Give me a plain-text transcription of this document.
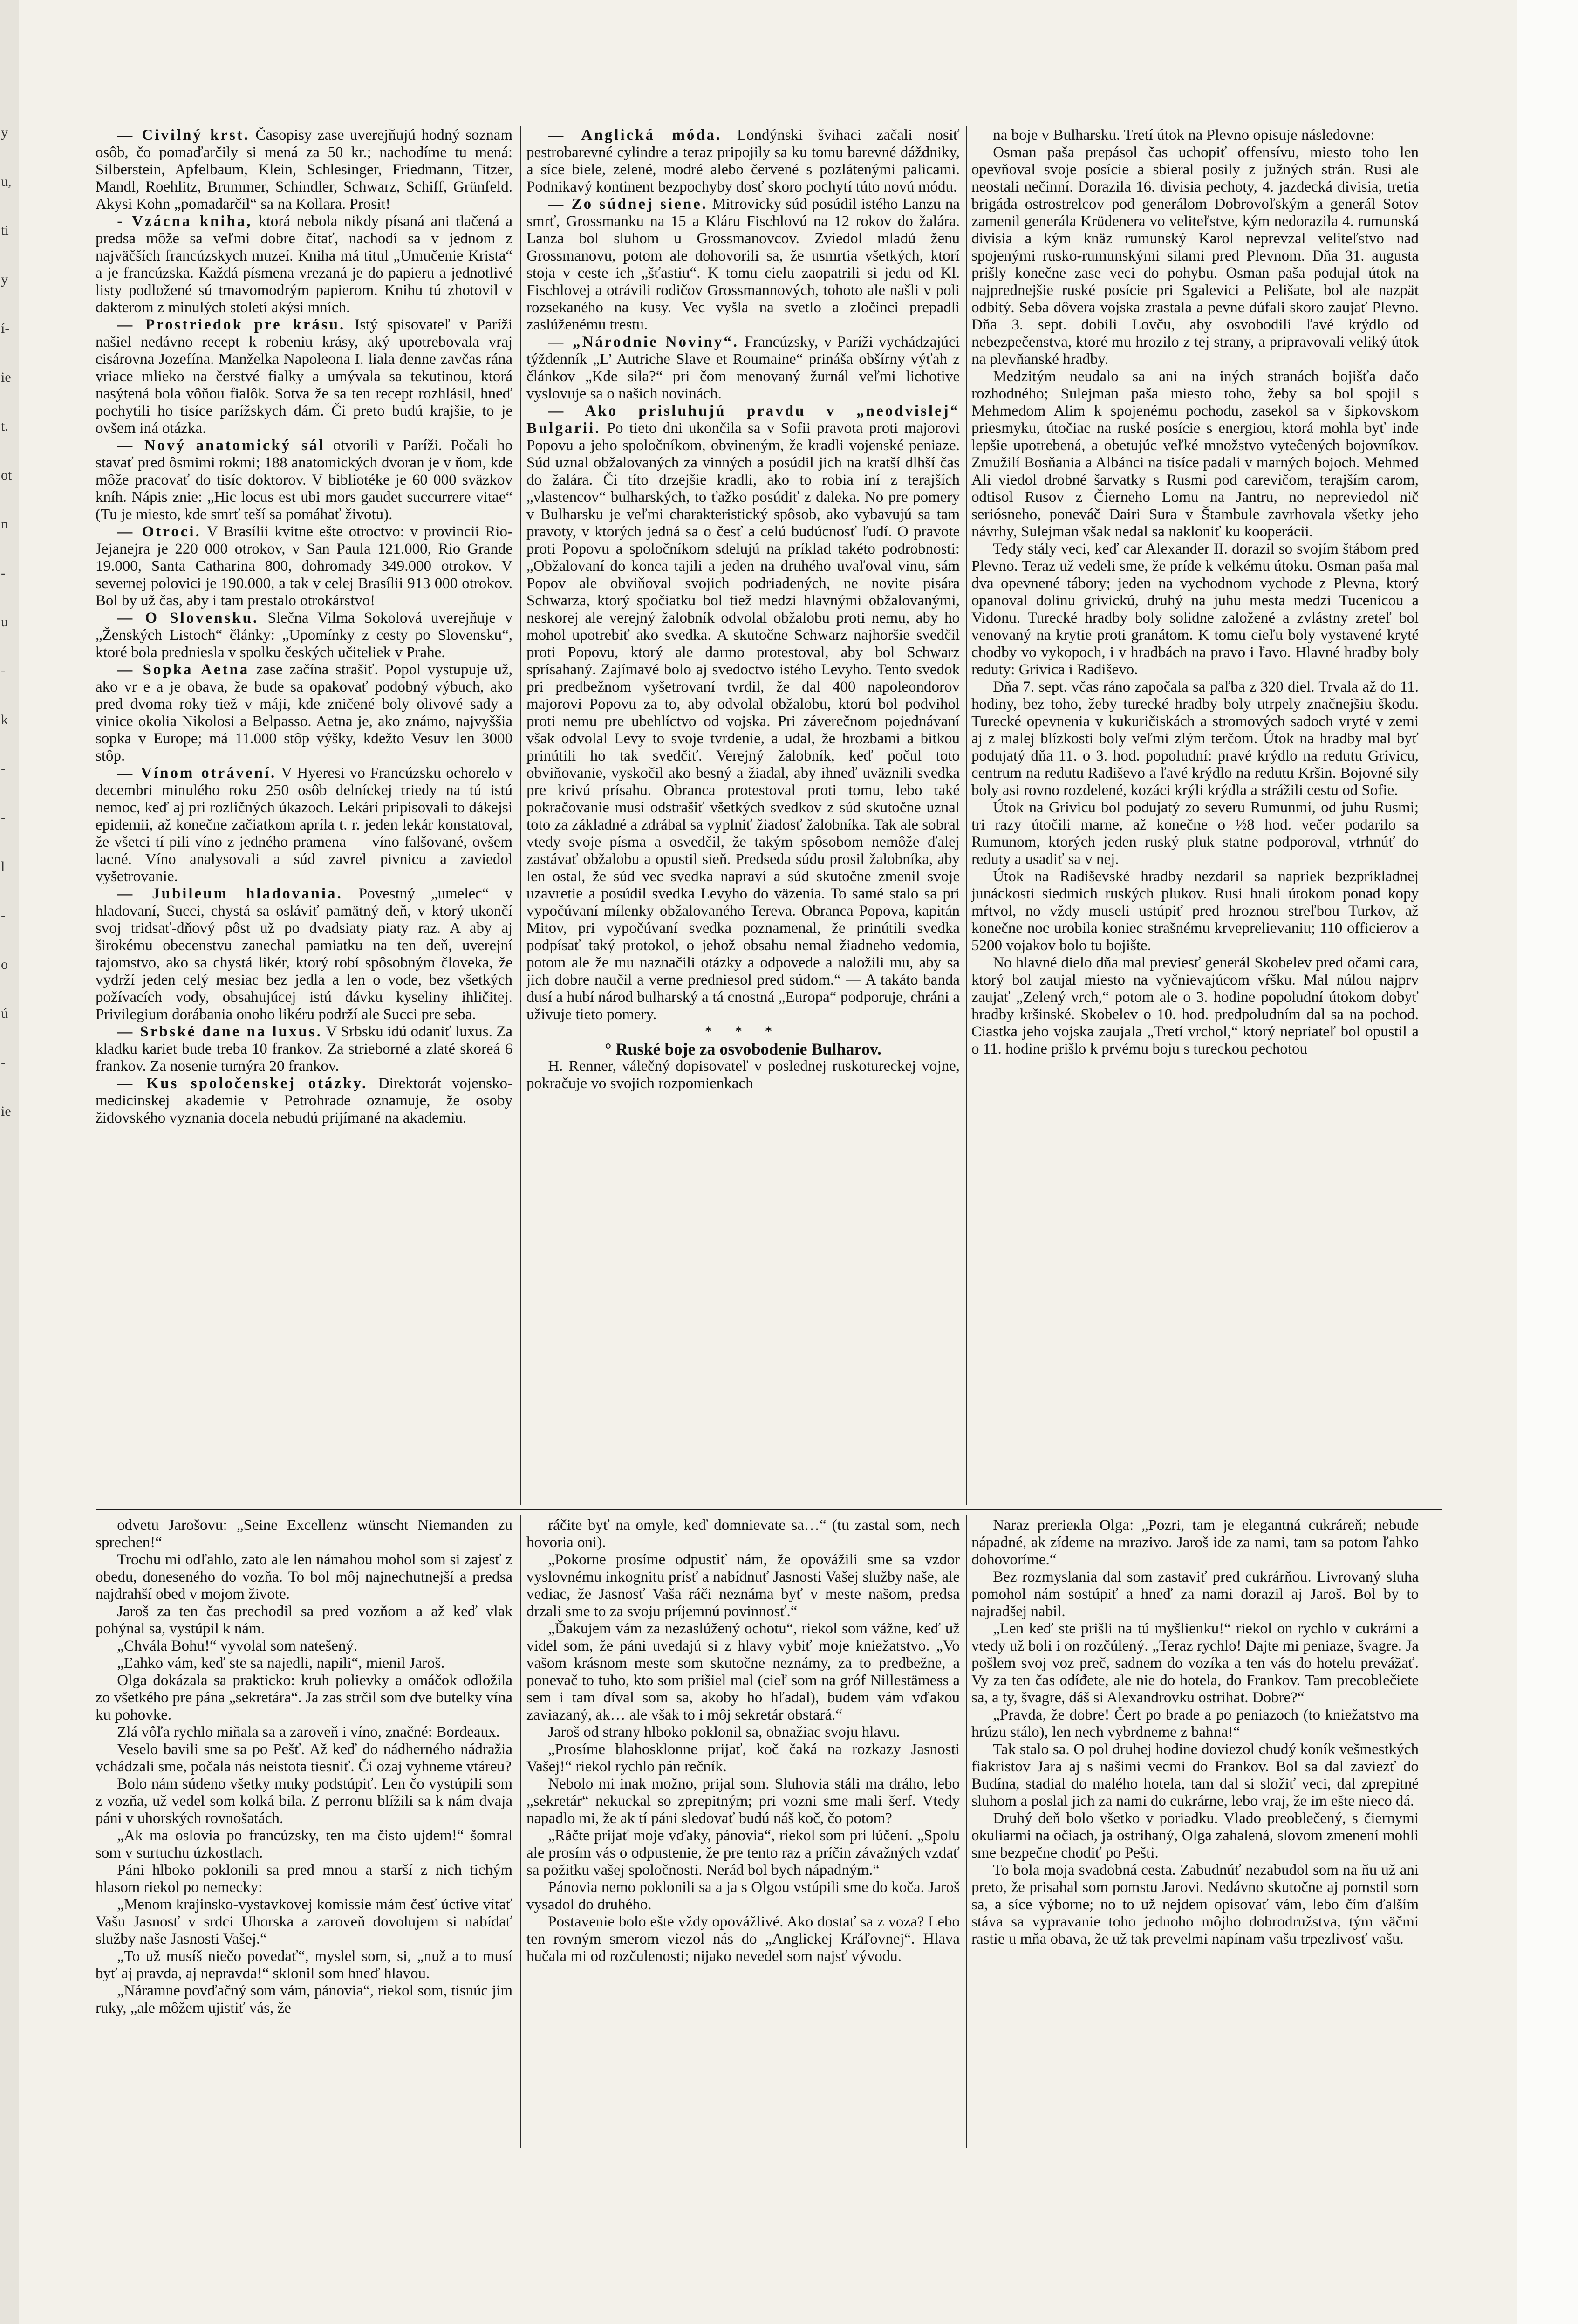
y
u,
ti
y
í-
ie
t.
ot
n
-
u
-
k
-
-
l
-
o
ú
-
ie

— Civilný krst. Časopisy zase uverejňujú hodný soznam osôb, čo pomaďarčily si mená za 50 kr.; nachodíme tu mená: Silberstein, Apfelbaum, Klein, Schlesinger, Friedmann, Titzer, Mandl, Roehlitz, Brummer, Schindler, Schwarz, Schiff, Grünfeld. Akysi Kohn „pomadarčil“ sa na Kollara. Prosit!

- Vzácna kniha, ktorá nebola nikdy písaná ani tlačená a predsa môže sa veľmi dobre čítať, nachodí sa v jednom z najväčších francúzskych muzeí. Kniha má titul „Umučenie Krista“ a je francúzska. Každá písmena vrezaná je do papieru a jednotlivé listy podložené sú tmavomodrým papierom. Knihu tú zhotovil v dakterom z minulých století akýsi mních.

— Prostriedok pre krásu. Istý spisovateľ v Paríži našiel nedávno recept k robeniu krásy, aký upotrebovala vraj cisárovna Jozefína. Manželka Napoleona I. lialа denne zavčas rána vriace mlieko na čerstvé fialky a umývala sa tekutinou, ktorá nasýtená bola vôňou fialôk. Sotva že sa ten recept rozhlásil, hneď pochytili ho tisíce parížskych dám. Či preto budú krajšie, to je ovšem iná otázka.

— Nový anatomický sál otvorili v Paríži. Počali ho stavať pred ôsmimi rokmi; 188 anatomických dvoran je v ňom, kde môže pracovať do tisíc doktorov. V bibliotéke je 60 000 sväzkov kníh. Nápis znie: „Hic locus est ubi mors gaudet succurrere vitae“ (Tu je miesto, kde smrť teší sa pomáhať životu).

— Otroci. V Brasílii kvitne ešte otroctvo: v provincii Rio-Jejanejra je 220 000 otrokov, v San Paula 121.000, Rio Grande 19.000, Santa Catharina 800, dohromady 349.000 otrokov. V severnej polovici je 190.000, a tak v celej Brasílii 913 000 otrokov. Bol by už čas, aby i tam prestalo otrokárstvo!

— O Slovensku. Slečna Vilma Sokolová uverejňuje v „Ženských Listoch“ články: „Upomínky z cesty po Slovensku“, ktoré bola prednieslа v spolku českých učiteliek v Prahe.

— Sopka Aetna zase začína strašiť. Popol vystupuje už, ako vr e a je obava, že bude sa opakovať podobný výbuch, ako pred dvoma roky tiež v máji, kde zničené boly olivové sady a vinice okolia Nikolosi a Belpasso. Aetna je, ako známo, najvyššia sopka v Europe; má 11.000 stôp výšky, kdežto Vesuv len 3000 stôp.

— Vínom otrávení. V Hyeresi vo Francúzsku ochorelo v decembri minulého roku 250 osôb delníckej triedy na tú istú nemoc, keď aj pri rozličných úkazoch. Lekári pripisovali to dákejsi epidemii, až konečne začiatkom apríla t. r. jeden lekár konstatoval, že všetci tí pili víno z jedného pramena — víno falšované, ovšem lacné. Víno analysovali a súd zavrel pivnicu a zaviedol vyšetrovanie.

— Jubileum hladovania. Povestný „umelec“ v hladovaní, Succi, chystá sa osláviť pamätný deň, v ktorý ukončí svoj tridsať-dňový pôst už po dvadsiaty piaty raz. A aby aj širokému obecenstvu zanechal pamiatku na ten deň, uverejní tajomstvo, ako sa chystá likér, ktorý robí spôsobným človeka, že vydrží jeden celý mesiac bez jedla a len o vode, bez všetkých požívacích vody, obsahujúcej istú dávku kyseliny ihličitej. Privilegium dorábania onoho likéru podrží ale Succi pre seba.

— Srbské dane na luxus. V Srbsku idú odaniť luxus. Za kladku kariet bude treba 10 frankov. Za strieborné a zlaté skoreá 6 frankov. Za nosenie turnýra 20 frankov.

— Kus spoločenskej otázky. Direktorát vojensko-medicinskej akademie v Petrohrade oznamuje, že osoby židovského vyznania docela nebudú prijímané na akademiu.

— Anglická móda. Londýnski švihaci začali nosiť pestrobarevné cylindre a teraz pripojily sa ku tomu barevné dáždniky, a síce biele, zelené, modré alebo červené s pozlátenými palicami. Podnikavý kontinent bezpochyby dosť skoro pochytí túto novú módu.

— Zo súdnej siene. Mitrovicky súd posúdil istého Lanzu na smrť, Grossmanku na 15 a Kláru Fischlovú na 12 rokov do žalára. Lanza bol sluhom u Grossmanovcov. Zvíedol mladú ženu Grossmanovu, potom ale dohovorili sa, že usmrtia všetkých, ktorí stoja v ceste ich „šťastiu“. K tomu cielu zaopatrili si jedu od Kl. Fischlovej a otrávili rodičov Grossmannových, tohoto ale našli v poli rozsekaného na kusy. Vec vyšla na svetlo a zločinci prepadli zaslúženému trestu.

— „Národnie Noviny“. Francúzsky, v Paríži vychádzajúci týždenník „L’ Autriche Slave et Roumaine“ prináša obšírny výťah z článkov „Kde sila?“ pri čom menovaný žurnál veľmi lichotive vyslovuje sa o našich novinách.

— Ako prisluhujú pravdu v „neodvislej“ Bulgarii. Po tieto dni ukončila sa v Sofii pravota proti majorovi Popovu a jeho spoločníkom, obvineným, že kradli vojenské peniaze. Súd uznal obžalovaných za vinných a posúdil jich na kratší dlhší čas do žalára. Či títo drzejšie kradli, ako to robia iní z terajších „vlastencov“ bulharských, to ťažko posúdiť z daleka. No pre pomery v Bulharsku je veľmi charakteristický spôsob, ako vybavujú sa tam pravoty, v ktorých jedná sa o česť a celú budúcnosť ľudí. O pravote proti Popovu a spoločníkom sdelujú na príklad takéto podrobnosti: „Obžalovaní do konca tajili a jeden na druhého uvaľoval vinu, sám Popov ale obviňoval svojich podriadených, ne novite pisára Schwarza, ktorý spočiatku bol tiež medzi hlavnými obžalovanými, neskorej ale verejný žalobník odvolal obžalobu proti nemu, aby ho mohol upotrebiť ako svedka. A skutočne Schwarz najhoršie svedčil proti Popovu, ktorý ale darmo protestoval, aby bol Schwarz sprísahaný. Zajímavé bolo aj svedoctvo istého Levyho. Tento svedok pri predbežnom vyšetrovaní tvrdil, že dal 400 napoleondorov majorovi Popovu za to, aby odvolal obžalobu, ktorú bol podvihol proti nemu pre ubehlíctvo od vojska. Pri záverečnom pojednávaní však odvolal Levy to svoje tvrdenie, a udal, že hrozbami a bitkou prinútili ho tak svedčiť. Verejný žalobník, keď počul toto obviňovanie, vyskočil ako besný a žiadal, aby ihneď uväznili svedka pre krivú prísahu. Obranca protestoval proti tomu, lebo také pokračovanie musí odstrašiť všetkých svedkov z súd skutočne uznal toto za základné a zdrábal sa vyplniť žiadosť žalobníka. Tak ale sobral vtedy svoje písma a osvedčil, že takým spôsobom nemôže ďalej zastávať obžalobu a opustil sieň. Predseda súdu prosil žalobníka, aby len ostal, že súd vec svedka napraví a súd skutočne zmenil svoje uzavretie a posúdil svedka Levyho do väzenia. To samé stalo sa pri vypočúvaní mílenky obžalovaného Tereva. Obranca Popova, kapitán Mitov, pri vypočúvaní svedka poznamenal, že prinútili svedka podpísať taký protokol, o jehož obsahu nemal žiadneho vedomia, potom ale že mu naznačili otázky a odpovede a naložili mu, aby sa jich dobre naučil a verne predniesol pred súdom.“ — A takáto banda dusí a hubí národ bulharský a tá cnostná „Europa“ podporuje, chráni a uživuje tieto pomery.

* * *

° Ruské boje za osvobodenie Bulharov.

H. Renner, válečný dopisovateľ v poslednej ruskotureckej vojne, pokračuje vo svojich rozpomienkach

na boje v Bulharsku. Tretí útok na Plevno opisuje následovne:

Osman paša prepásol čas uchopiť offensívu, miesto toho len opevňoval svoje posície a sbieral posily z južných strán. Rusi ale neostali nečinní. Dorazila 16. divisia pechoty, 4. jazdecká divisia, tretia brigáda ostrostrelcov pod generálom Dobrovoľským a generál Sotov zamenil generála Krüdenera vo veliteľstve, kým nedorazila 4. rumunská divisia a kým knäz rumunský Karol neprevzal veliteľstvo nad spojenými rusko-rumunskými silami pred Plevnom. Dňa 31. augusta prišly konečne zase veci do pohybu. Osman paša podujal útok na najprednejšie ruské posície pri Sgalevici a Pelišate, bol ale nazpät odbitý. Seba dôvera vojska zrastala a pevne dúfali skoro zaujať Plevno. Dňa 3. sept. dobili Lovču, aby osvobodili ľavé krýdlo od nebezpečenstva, ktoré mu hrozilo z tej strany, a pripravovali veliký útok na plevňanské hradby.

Medzitým neudalo sa ani na iných stranách bojišťa dačo rozhodného; Sulejman paša miesto toho, žeby sa bol spojil s Mehmedom Alim k spojenému pochodu, zasekol sa v šipkovskom priesmyku, útočiac na ruské posície s energiou, ktorá mohla byť inde lepšie upotrebená, a obetujúc veľké množstvo vyteĉených bojovníkov. Zmužilí Bosňania a Albánci na tisíce padali v marných bojoch. Mehmed Ali viedol drobné šarvatky s Rusmi pod carevičom, terajším carom, odtisol Rusov z Čierneho Lomu na Jantru, no nepreviedol nič seriósneho, poneváč Dairi Sura v Štambule zavrhovala všetky jeho návrhy, Sulejman však nedal sa nakloniť ku kooperácii.

Tedy stály veci, keď car Alexander II. dorazil so svojím štábom pred Plevno. Teraz už vedeli sme, že príde k velkému útoku. Osman paša mal dva opevnené tábory; jeden na vychodnom vychode z Plevna, ktorý opanoval dolinu grivickú, druhý na juhu mesta medzi Tucenicou a Vidonu. Turecké hradby boly solidne založené a zvlástny zreteľ bol venovaný na krytie proti granátom. K tomu cieľu boly vystavené kryté chodby vo vykopoch, i v hradbách na pravo i ľavo. Hlavné hradby boly reduty: Grivica i Radiševo.

Dňa 7. sept. včas ráno započala sa paľba z 320 diel. Trvala až do 11. hodiny, bez toho, žeby turecké hradby boly utrpely značnejšiu škodu. Turecké opevnenia v kukuričiskách a stromových sadoch vryté v zemi aj z malej blízkosti boly veľmi zlým terčom. Útok na hradby mal byť podujatý dňa 11. o 3. hod. popoludní: pravé krýdlo na redutu Grivicu, centrum na redutu Radiševo a ľavé krýdlo na redutu Kršin. Bojovné sily boly asi rovno rozdelené, kozáci krýli krýdla a strážili cestu od Sofie.

Útok na Grivicu bol podujatý zo severu Rumunmi, od juhu Rusmi; tri razy útočili marne, až konečne o ½8 hod. večer podarilo sa Rumunom, ktorých jeden ruský pluk statne podporoval, vtrhnúť do reduty a usadiť sa v nej.

Útok na Radiševské hradby nezdaril sa napriek bezpríkladnej junáckosti siedmich ruských plukov. Rusi hnali útokom ponad kopy mŕtvol, no vždy museli ustúpiť pred hroznou streľbou Turkov, až konečne noc urobila koniec strašnému krveprelievaniu; 110 officierov a 5200 vojakov bolo tu bojište.

No hlavné dielo dňa mal previesť generál Skobelev pred očami cara, ktorý bol zaujal miesto na vyčnievajúcom vŕšku. Mal núlou najprv zaujať „Zelený vrch,“ potom ale o 3. hodine popoludní útokom dobyť hradby kršinské. Skobelev o 10. hod. predpoludním dal sa na pochod. Ciastka jeho vojska zaujala „Tretí vrchol,“ ktorý nepriateľ bol opustil a o 11. hodine prišlo k prvému boju s tureckou pechotou

odvetu Jarošovu: „Seine Excellenz wünscht Niemanden zu sprechen!“

Trochu mi odľahlo, zato ale len námahou mohol som si zajesť z obedu, doneseného do vozňa. To bol môj najnechutnejší a predsa najdrahší obed v mojom živote.

Jaroš za ten čas prechodil sa pred vozňom a až keď vlak pohýnal sa, vystúpil k nám.

„Chvála Bohu!“ vyvolal som natešený.

„Ľahko vám, keď ste sa najedli, napili“, mienil Jaroš.

Olga dokázala sa prakticko: kruh polievky a omáčok odložila zo všetkého pre pána „sekretára“. Ja zas strčil som dve butelky vína ku pohovke.

Zlá vôľa rychlo miňala sa a zaroveň i víno, značné: Bordeaux.

Veselo bavili sme sa po Pešť. Až keď do nádherného nádražia vchádzali sme, počala nás neistota tiesniť. Či ozaj vyhneme vtáreu?

Bolo nám súdeno všetky muky podstúpiť. Len čo vystúpili som z vozňa, už vedel som kolká bila. Z perronu blížili sa k nám dvaja páni v uhorských rovnošatách.

„Ak ma oslovia po francúzsky, ten ma čisto ujdem!“ šomral som v surtuchu úzkostlach.

Páni hlboko poklonili sa pred mnou a starší z nich tichým hlasom riekol po nemecky:

„Menom krajinsko-vystavkovej komissie mám česť úctive vítať Vašu Jasnosť v srdci Uhorska a zaroveň dovolujem si nabídať služby naše Jasnosti Vašej.“

„To už musíš niečo povedať“, myslel som, si, „nuž a to musí byť aj pravda, aj nepravda!“ sklonil som hneď hlavou.

„Náramne povďačný som vám, pánovia“, riekol som, tisnúc jim ruky, „ale môžem ujistiť vás, že

ráčite byť na omyle, keď domnievate sa…“ (tu zastal som, nech hovoria oni).

„Pokorne prosíme odpustiť nám, že opovážili sme sa vzdor vyslovnému inkognitu prísť a nabídnuť Jasnosti Vašej služby naše, ale vediac, že Jasnosť Vaša ráči neznáma byť v meste našom, predsa drzali sme to za svoju príjemnú povinnosť.“

„Ďakujem vám za nezaslúžený ochotu“, riekol som vážne, keď už videl som, že páni uvedajú si z hlavy vybiť moje kniežatstvo. „Vo vašom krásnom meste som skutočne neznámy, za to predbežne, a ponevač to tuho, kto som prišiel mal (cieľ som na gróf Nillestämess a sem i tam díval som sa, akoby ho hľadal), budem vám vďakou zaviazaný, ak… ale však to i môj sekretár obstará.“

Jaroš od strany hlboko poklonil sa, obnažiac svoju hlavu.

„Prosíme blahosklonne prijať, koč čaká na rozkazy Jasnosti Vašej!“ riekol rychlo pán rečník.

Nebolo mi inak možno, prijal som. Sluhovia stáli ma dráho, lebo „sekretár“ nekuckal so zprepitným; pri vozni sme mali šerf. Vtedy napadlo mi, že ak tí páni sledovať budú náš koč, čo potom?

„Ráčte prijať moje vďaky, pánovia“, riekol som pri lúčení. „Spolu ale prosím vás o odpustenie, že pre tento raz a príčin závažných vzdať sa požitku vašej spoločnosti. Nerád bol bych nápadným.“

Pánovia nemo poklonili sa a ja s Olgou vstúpili sme do koča. Jaroš vysadol do druhého.

Postavenie bolo ešte vždy opovážlivé. Ako dostať sa z voza? Lebo ten rovným smerom viezol nás do „Anglickej Kráľovnej“. Hlava hučala mi od rozčulenosti; nijako nevedel som najsť vývodu.

Naraz prerieкla Olga: „Pozri, tam je elegantná cukráreň; nebude nápadné, ak zídeme na mrazivo. Jaroš ide za nami, tam sa potom ľahko dohovoríme.“

Bez rozmyslania dal som zastaviť pred cukrárňou. Livrovaný sluha pomohol nám sostúpiť a hneď za nami dorazil aj Jaroš. Bol by to najradšej nabil.

„Len keď ste prišli na tú myšlienku!“ riekol on rychlo v cukrárni a vtedy už boli i on rozčúlený. „Teraz rychlo! Dajte mi peniaze, švagre. Ja pošlem svoj voz preč, sadnem do vozíka a ten vás do hotelu prevážať. Vy za ten čas odíđete, ale nie do hotela, do Frankov. Tam precoblečiete sa, a ty, švagre, dáš si Alexandrovku ostrihat. Dobre?“

„Pravda, že dobre! Čert po brade a po peniazoch (to kniežatstvo ma hrúzu stálo), len nech vybrdneme z bahna!“

Tak stalo sa. O pol druhej hodine doviezol chudý koník vešmestkých fiakristov Jara aj s našimi vecmi do Frankov. Bol sa dal zaviezť do Budína, stadial do malého hotela, tam dal si složiť veci, dal zprepitné sluhom a poslal jich za nami do cukrárne, lebo vraj, že im ešte nieco dá.

Druhý deň bolo všetko v poriadku. Vlado preoblečený, s čiernymi okuliarmi na očiach, ja ostrihaný, Olga zahalená, slovom zmenení mohli sme bezpečne chodiť po Pešti.

To bola moja svadobná cesta. Zabudnúť nezabudol som na ňu už ani preto, že prisahal som pomstu Jarovi. Nedávno skutočne aj pomstil som sa, a síce výborne; no to už nejdem opisovať vám, lebo čím ďalším stáva sa vypravanie toho jednoho môjho dobrodružstva, tým väčmi rastie u mňa obava, že už tak prevelmi napínam vašu trpezlivosť vašu.
